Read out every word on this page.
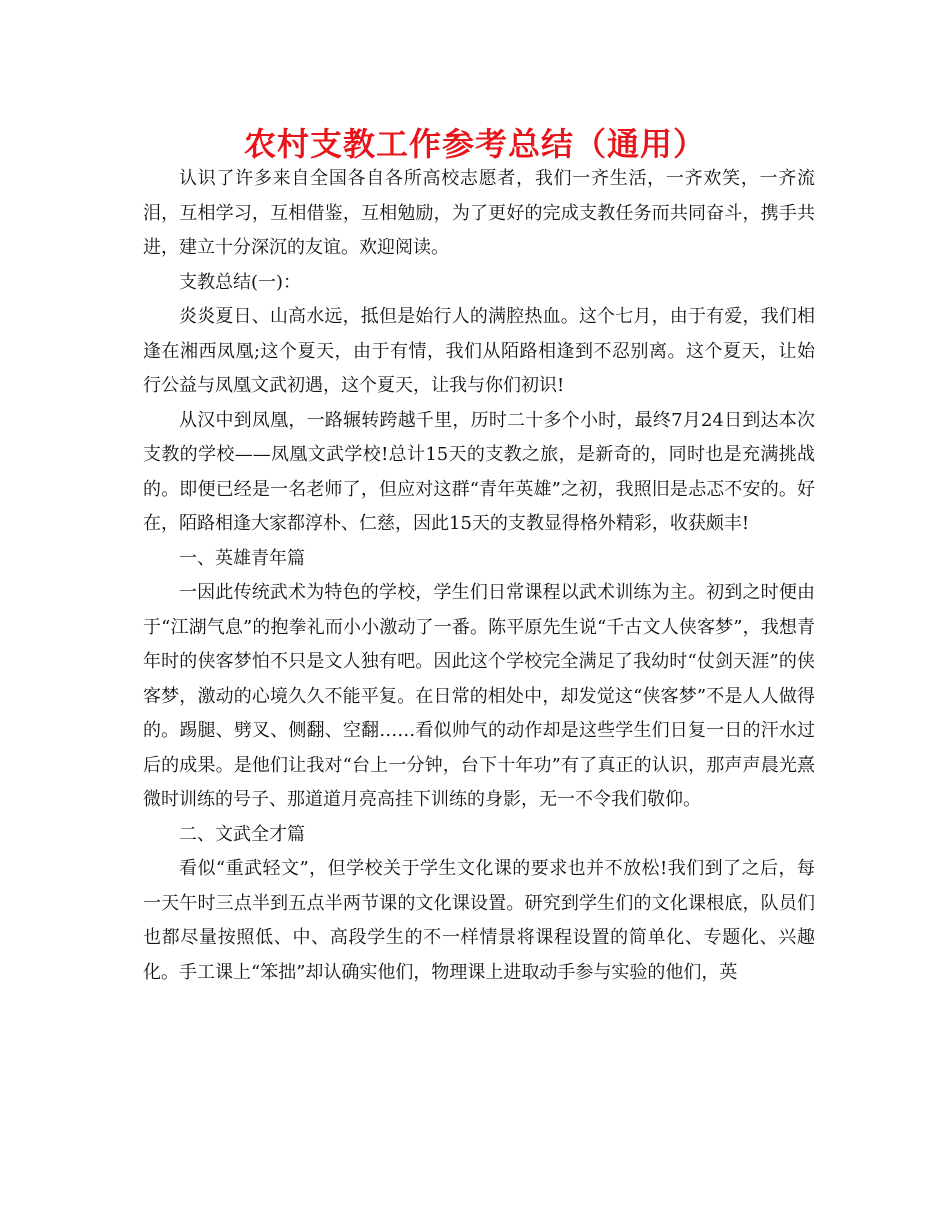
农村支教工作参考总结（通用）

认识了许多来自全国各自各所高校志愿者，我们一齐生活，一齐欢笑，一齐流泪，互相学习，互相借鉴，互相勉励，为了更好的完成支教任务而共同奋斗，携手共进，建立十分深沉的友谊。欢迎阅读。

支教总结(一)：

炎炎夏日、山高水远，抵但是始行人的满腔热血。这个七月，由于有爱，我们相逢在湘西凤凰;这个夏天，由于有情，我们从陌路相逢到不忍别离。这个夏天，让始行公益与凤凰文武初遇，这个夏天，让我与你们初识!

从汉中到凤凰，一路辗转跨越千里，历时二十多个小时，最终7月24日到达本次支教的学校——凤凰文武学校!总计15天的支教之旅，是新奇的，同时也是充满挑战的。即便已经是一名老师了，但应对这群“青年英雄”之初，我照旧是忐忑不安的。好在，陌路相逢大家都淳朴、仁慈，因此15天的支教显得格外精彩，收获颇丰!

一、英雄青年篇

一因此传统武术为特色的学校，学生们日常课程以武术训练为主。初到之时便由于“江湖气息”的抱拳礼而小小激动了一番。陈平原先生说“千古文人侠客梦”，我想青年时的侠客梦怕不只是文人独有吧。因此这个学校完全满足了我幼时“仗剑天涯”的侠客梦，激动的心境久久不能平复。在日常的相处中，却发觉这“侠客梦”不是人人做得的。踢腿、劈叉、侧翻、空翻……看似帅气的动作却是这些学生们日复一日的汗水过后的成果。是他们让我对“台上一分钟，台下十年功”有了真正的认识，那声声晨光熹微时训练的号子、那道道月亮高挂下训练的身影，无一不令我们敬仰。

二、文武全才篇

看似“重武轻文”，但学校关于学生文化课的要求也并不放松!我们到了之后，每一天午时三点半到五点半两节课的文化课设置。研究到学生们的文化课根底，队员们也都尽量按照低、中、高段学生的不一样情景将课程设置的简单化、专题化、兴趣化。手工课上“笨拙”却认确实他们，物理课上进取动手参与实验的他们，英
